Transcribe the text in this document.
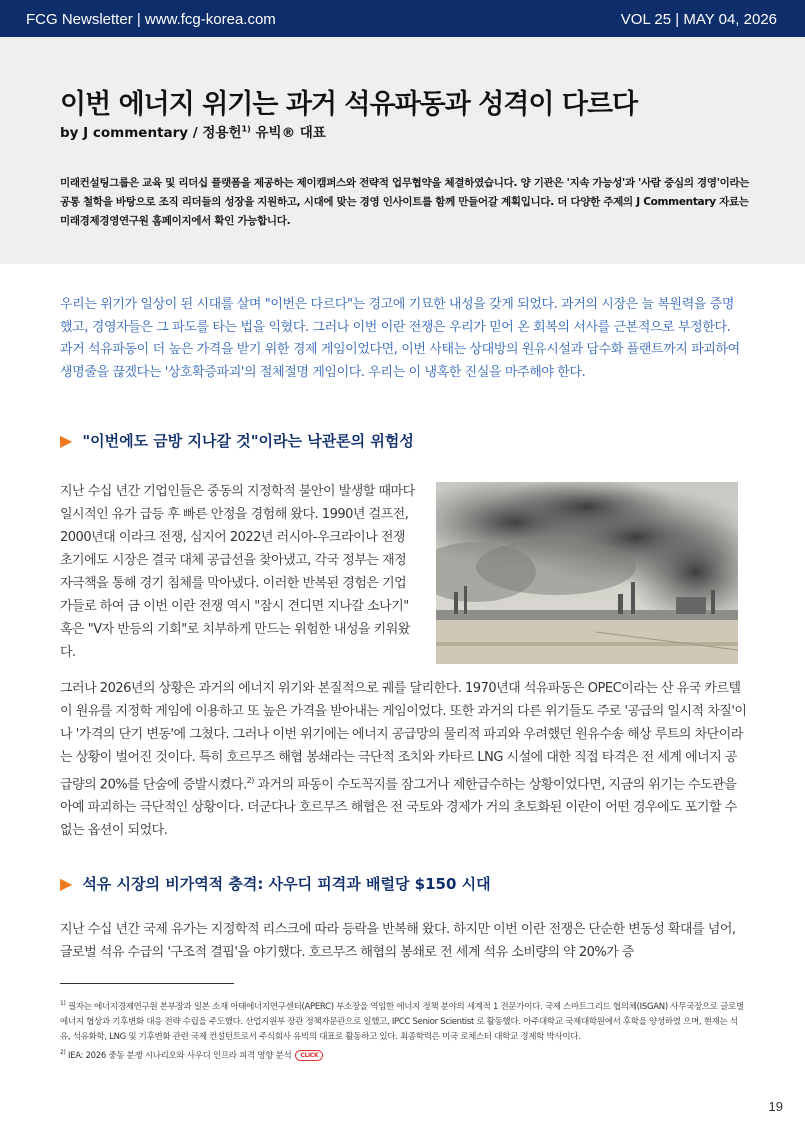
FCG Newsletter | www.fcg-korea.com	VOL 25 | MAY 04, 2026
이번 에너지 위기는 과거 석유파동과 성격이 다르다
by J commentary / 정용헌$^{1)}$ 유빅® 대표
미래컨설팅그룹은 교육 및 리더십 플랫폼을 제공하는 제이캠퍼스와 전략적 업무협약을 체결하였습니다. 양 기관은 '지속 가능성'과 '사람 중심의 경영'이라는 공통 철학을 바탕으로 조직 리더들의 성장을 지원하고, 시대에 맞는 경영 인사이트를 함께 만들어갈 계획입니다. 더 다양한 주제의 J Commentary 자료는 미래경제경영연구원 홈페이지에서 확인 가능합니다.
우리는 위기가 일상이 된 시대를 살며 "이번은 다르다"는 경고에 기묘한 내성을 갖게 되었다. 과거의 시장은 늘 복원력을 증명했고, 경영자들은 그 파도를 타는 법을 익혔다. 그러나 이번 이란 전쟁은 우리가 믿어 온 회복의 서사를 근본적으로 부정한다. 과거 석유파동이 더 높은 가격을 받기 위한 경제 게임이었다면, 이번 사태는 상대방의 원유시설과 담수화 플랜트까지 파괴하여 생명줄을 끊겠다는 '상호확증파괴'의 절체절명 게임이다. 우리는 이 냉혹한 진실을 마주해야 한다.
▶ "이번에도 금방 지나갈 것"이라는 낙관론의 위험성
지난 수십 년간 기업인들은 중동의 지정학적 불안이 발생할 때마다 일시적인 유가 급등 후 빠른 안정을 경험해 왔다. 1990년 걸프전, 2000년대 이라크 전쟁, 심지어 2022년 러시아-우크라이나 전쟁 초기에도 시장은 결국 대체 공급선을 찾아냈고, 각국 정부는 재정 자극책을 통해 경기 침체를 막아냈다. 이러한 반복된 경험은 기업가들로 하여 금 이번 이란 전쟁 역시 "잠시 견디면 지나갈 소나기" 혹은 "V자 반등의 기회"로 치부하게 만드는 위험한 내성을 키워왔다.
그러나 2026년의 상황은 과거의 에너지 위기와 본질적으로 궤를 달리한다. 1970년대 석유파동은 OPEC이라는 산 유국 카르텔이 원유를 지정학 게임에 이용하고 또 높은 가격을 받아내는 게임이었다. 또한 과거의 다른 위기들도 주로 '공급의 일시적 차질'이나 '가격의 단기 변동'에 그쳤다. 그러나 이번 위기에는 에너지 공급망의 물리적 파괴와 우려했던 원유수송 해상 루트의 차단이라는 상황이 벌어진 것이다. 특히 호르무즈 해협 봉쇄라는 극단적 조치와 카타르 LNG 시설에 대한 직접 타격은 전 세계 에너지 공급량의 20%를 단숨에 증발시켰다.$^{2)}$ 과거의 파동이 수도꼭지를 잠그거나 제한급수하는 상황이었다면, 지금의 위기는 수도관을 아예 파괴하는 극단적인 상황이다. 더군다나 호르무즈 해협은 전 국토와 경제가 거의 초토화된 이란이 어떤 경우에도 포기할 수 없는 옵션이 되었다.
▶ 석유 시장의 비가역적 충격: 사우디 피격과 배럴당 $150 시대
지난 수십 년간 국제 유가는 지정학적 리스크에 따라 등락을 반복해 왔다. 하지만 이번 이란 전쟁은 단순한 변동성 확대를 넘어, 글로벌 석유 수급의 '구조적 결핍'을 야기했다. 호르무즈 해협의 봉쇄로 전 세계 석유 소비량의 약 20%가 증
$^{1)}$ 필자는 에너지경제연구원 본부장과 일본 소재 아태에너지연구센터(APERC) 부소장을 역임한 에너지 정책 분야의 세계적 1 전문가이다. 국제 스마트그리드 협의체(ISGAN) 사무국장으로 글로벌 에너지 협상과 기후변화 대응 전략 수립을 주도했다. 산업지원부 장관 정책자문관으로 일했고, IPCC Senior Scientist 로 활동했다. 아주대학교 국제대학원에서 후학을 양성하였 으며, 현재는 석유, 석유화학, LNG 및 기후변화 관련 국제 컨설턴트로서 주식회사 유빅의 대표로 활동하고 있다. 최종학력은 미국 로체스터 대학교 경제학 박사이다.
$^{2)}$ IEA: 2026 중동 분쟁 시나리오와 사우디 인프라 피격 영향 분석 CLICK
19
